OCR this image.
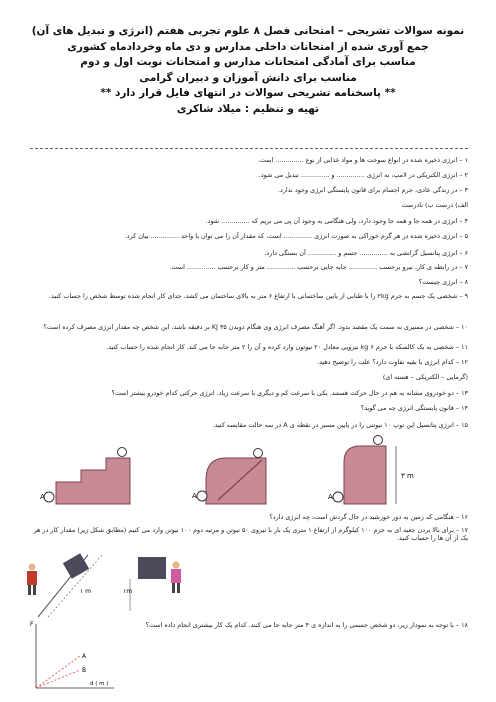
نمونه سوالات تشریحی – امتحانی فصل ۸ علوم تجربی هفتم (انرژی و تبدیل های آن)
جمع آوری شده از امتحانات داخلی مدارس و دی ماه وخردادماه کشوری
مناسب برای آمادگی امتحانات مدارس و امتحانات نوبت اول و دوم
مناسب برای دانش آموزان و دبیران گرامی
** پاسخنامه تشریحی سوالات در انتهای فایل قرار دارد **
تهیه و تنظیم : میلاد شاکری
۱ – انرژی ذخیره شده در انواع سوخت ها و مواد غذایی از نوع .............. است.
۲ – انرژی الکتریکی در لامپ، به انرژی .............. و .............. تبدیل می شود.
۳ – در زندگی عادی، جرم اجسام برای قانون پایستگی انرژی وجود ندارد.
الف) درست ب) نادرست
۴ – انرژی در همه جا و همه جا وجود دارد، ولی هنگامی به وجود آن پی می بریم که .............. شود.
۵ – انرژی ذخیره شده در هر گرم خوراکی به صورت انرژی .............. است، که مقدار آن را می توان با واحد .............. بیان کرد.
۶ – انرژی پتانسیل گرانشی به .............. جسم و .............. آن بستگی دارد.
۷ – در رابطه ی کار، نیرو برحسب .............. جابه جایی برحسب .............. متر و کار برحسب .............. است.
۸ – انرژی چیست؟
۹ – شخصی یک جسم به جرم ۲kg را با طنابی از پایین ساختمانی با ارتفاع ۶ متر به بالای ساختمان می کشد. جدای کار انجام شده توسط شخص را حساب کنید.
۱۰ – شخصی در مسیری به سمت یک مقصد بدود. اگر آهنگ مصرف انرژی وی هنگام دویدن ۳۵ KJ بر دقیقه باشد، این شخص چه مقدار انرژی مصرف کرده است؟
۱۱ – شخصی به یک کالسکه با جرم ۶ kg نیرویی معادل ۲۰ نیوتون وارد کرده و آن را ۲ متر جابه جا می کند. کار انجام شده را حساب کنید.
۱۲ – کدام انرژی با بقیه تفاوت دارد؟ علت را توضیح دهید.
(گرمایی – الکتریکی – هسته ای)
۱۳ – دو خودروی مشابه به هم در حال حرکت هستند. یکی با سرعت کم و دیگری با سرعت زیاد. انرژی حرکتی کدام خودرو بیشتر است؟
۱۴ – قانون پایستگی انرژی چه می گوید؟
۱۵ – انرژی پتانسیل این توپ ۱۰ نیوتنی را در پایین مسیر در نقطه ی A در سه حالت مقایسه کنید.
A	A
۳ m
A
۱۶ – هنگامی که زمین به دور خورشید در حال گردش است، چه انرژی دارد؟
۱۷ – برای بالا بردن جعبه ای به جرم ۱۰۰ کیلوگرم از ارتفاع ۱ متری یک بار با نیروی ۵۰ نیوتن و مرتبه دوم ۱۰۰ نیوتن وارد می کنیم (مطابق شکل زیر) مقدار کار در هر یک از آن ها را حساب کنید.
۱ m	۱m
۱۸ – با توجه به نمودار زیر، دو شخص جسمی را به اندازه ی ۴ متر جابه جا می کنند. کدام یک کار بیشتری انجام داده است؟
F
A
B
d ( m )
